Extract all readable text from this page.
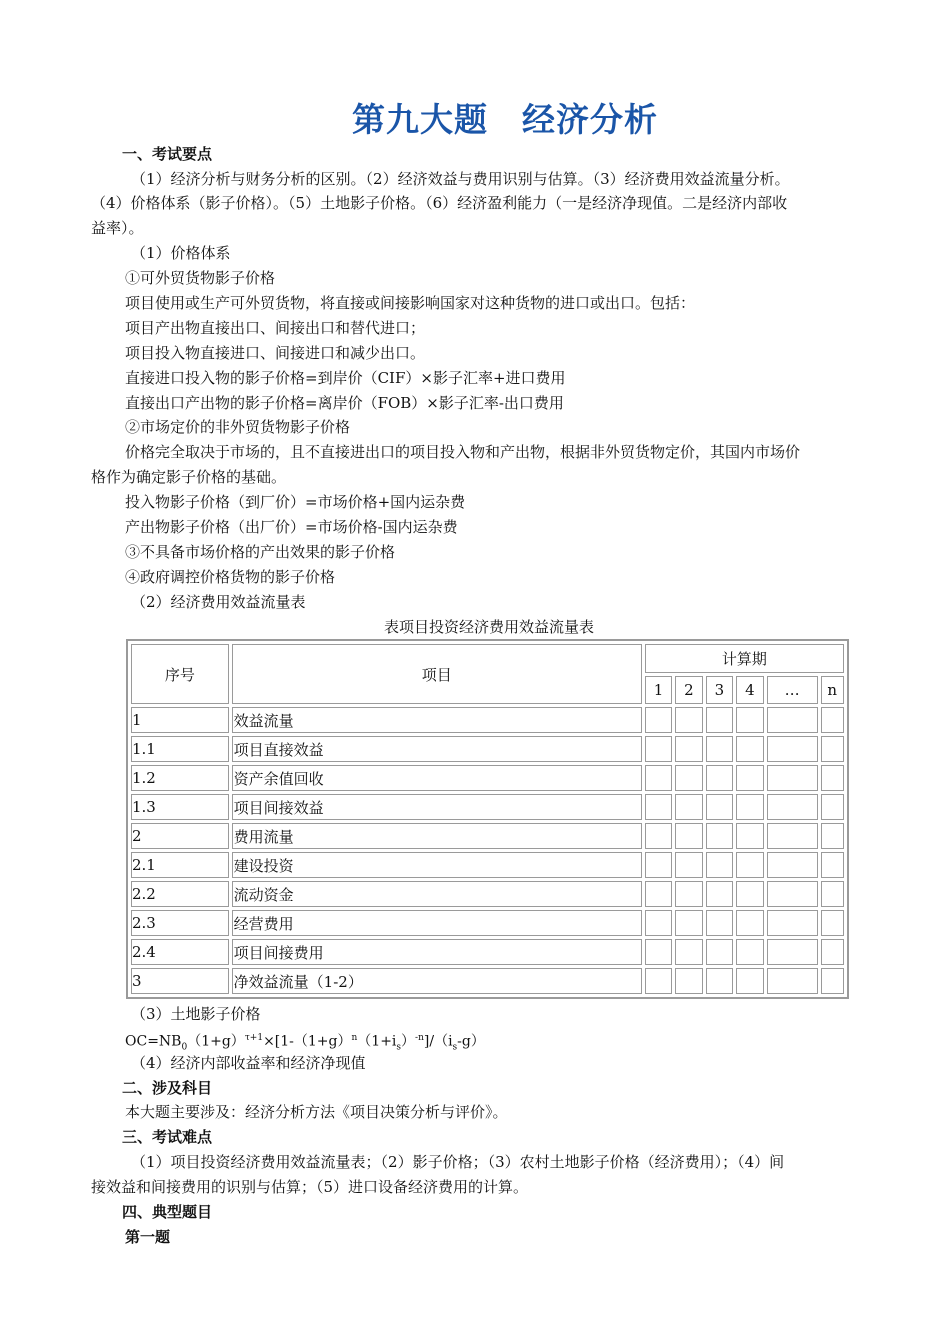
第九大题　经济分析
一、考试要点
（1）经济分析与财务分析的区别。（2）经济效益与费用识别与估算。（3）经济费用效益流量分析。
（4）价格体系（影子价格）。（5）土地影子价格。（6）经济盈利能力（一是经济净现值。二是经济内部收
益率）。
（1）价格体系
①可外贸货物影子价格
项目使用或生产可外贸货物，将直接或间接影响国家对这种货物的进口或出口。包括：
项目产出物直接出口、间接出口和替代进口；
项目投入物直接进口、间接进口和减少出口。
直接进口投入物的影子价格=到岸价（CIF）×影子汇率+进口费用
直接出口产出物的影子价格=离岸价（FOB）×影子汇率-出口费用
②市场定价的非外贸货物影子价格
价格完全取决于市场的，且不直接进出口的项目投入物和产出物，根据非外贸货物定价，其国内市场价
格作为确定影子价格的基础。
投入物影子价格（到厂价）=市场价格+国内运杂费
产出物影子价格（出厂价）=市场价格-国内运杂费
③不具备市场价格的产出效果的影子价格
④政府调控价格货物的影子价格
（2）经济费用效益流量表
表项目投资经济费用效益流量表
序号	项目	计算期					
		1	2	3	4	…	n
1	效益流量						
1.1	项目直接效益						
1.2	资产余值回收						
1.3	项目间接效益						
2	费用流量						
2.1	建设投资						
2.2	流动资金						
2.3	经营费用						
2.4	项目间接费用						
3	净效益流量（1-2）						
（3）土地影子价格
$OC=NB_0(1+g)^{\tau+1}\times[1-(1+g)^n(1+i_s)^{-n}]/(i_s-g)$
（4）经济内部收益率和经济净现值
二、涉及科目
本大题主要涉及：经济分析方法《项目决策分析与评价》。
三、考试难点
（1）项目投资经济费用效益流量表；（2）影子价格；（3）农村土地影子价格（经济费用）；（4）间
接效益和间接费用的识别与估算；（5）进口设备经济费用的计算。
四、典型题目
第一题
